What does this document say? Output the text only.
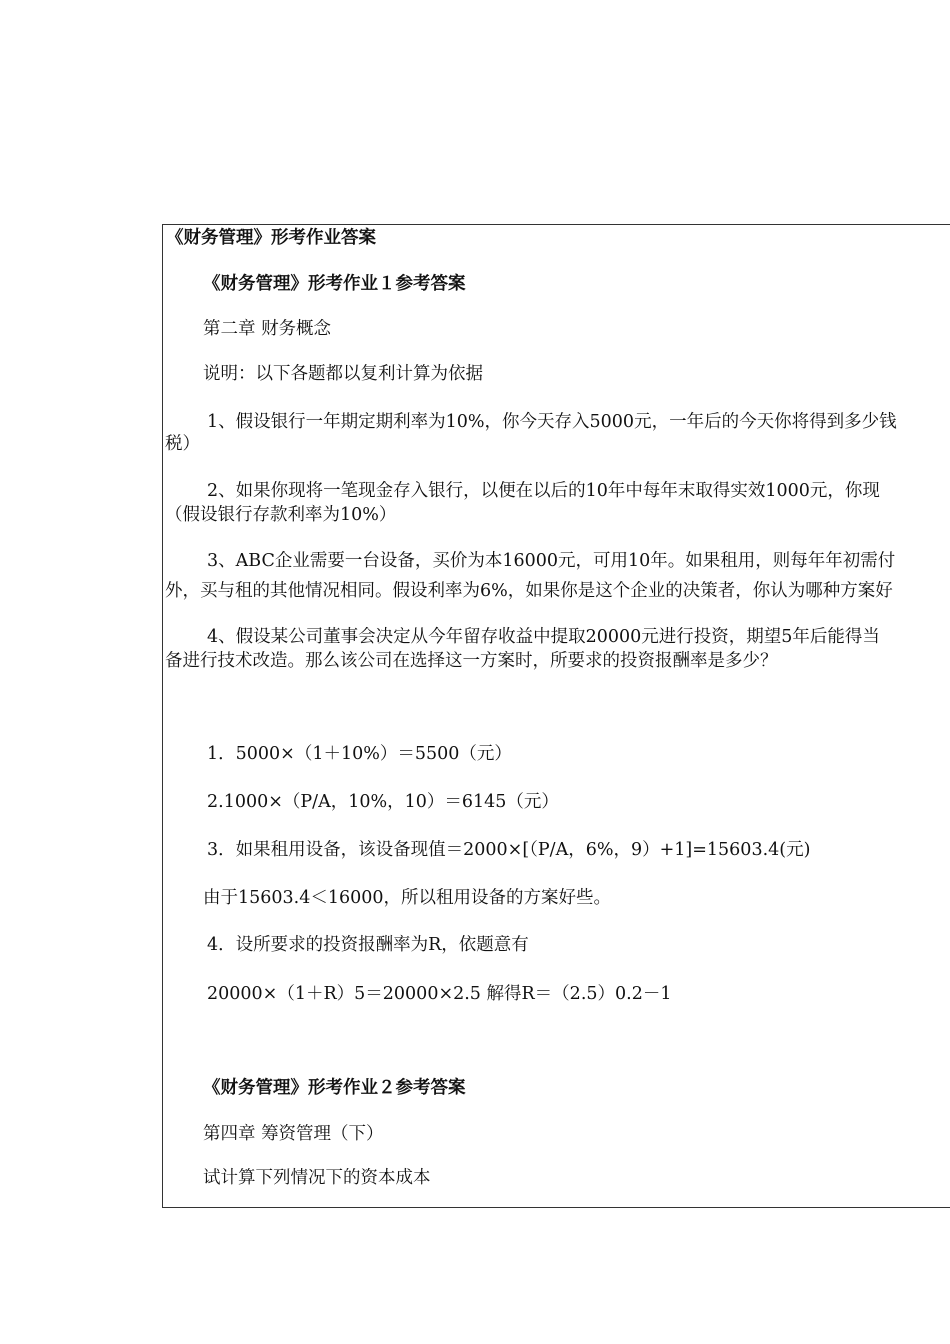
《财务管理》形考作业答案
《财务管理》形考作业１参考答案
第二章 财务概念
说明：以下各题都以复利计算为依据
1、假设银行一年期定期利率为10%，你今天存入5000元，一年后的今天你将得到多少钱
税）
2、如果你现将一笔现金存入银行，以便在以后的10年中每年末取得实效1000元，你现
（假设银行存款利率为10%）
3、ABC企业需要一台设备，买价为本16000元，可用10年。如果租用，则每年年初需付
外，买与租的其他情况相同。假设利率为6%，如果你是这个企业的决策者，你认为哪种方案好
4、假设某公司董事会决定从今年留存收益中提取20000元进行投资，期望5年后能得当
备进行技术改造。那么该公司在选择这一方案时，所要求的投资报酬率是多少？
1．5000×（1＋10%）＝5500（元）
2.1000×（P/A，10%，10）＝6145（元）
3．如果租用设备，该设备现值＝2000×[（P/A，6%，9）+1]=15603.4(元)
由于15603.4＜16000，所以租用设备的方案好些。
4．设所要求的投资报酬率为R，依题意有
20000×（1＋R）5＝20000×2.5 解得R＝（2.5）0.2－1
《财务管理》形考作业２参考答案
第四章 筹资管理（下）
试计算下列情况下的资本成本
